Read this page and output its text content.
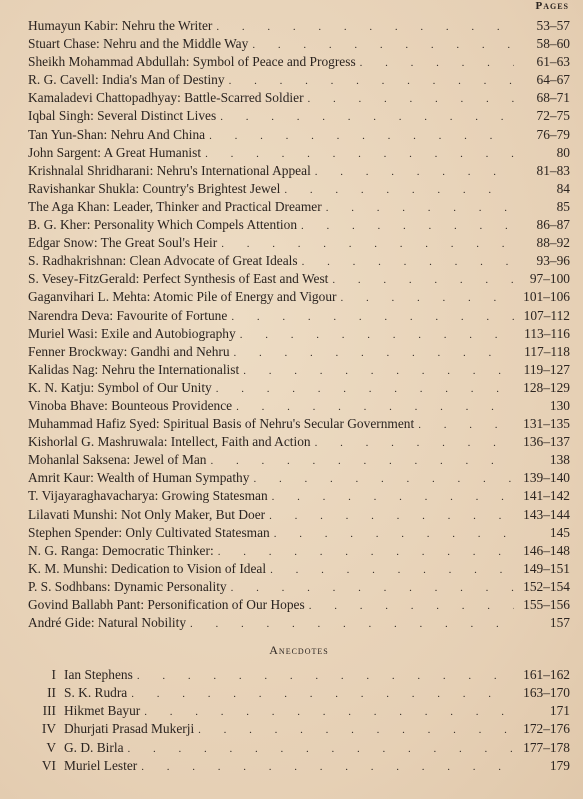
Pages
Humayun Kabir: Nehru the Writer . . .	53–57
Stuart Chase: Nehru and the Middle Way . . .	58–60
Sheikh Mohammad Abdullah: Symbol of Peace and Progress . . .	61–63
R. G. Cavell: India's Man of Destiny . . .	64–67
Kamaladevi Chattopadhyay: Battle-Scarred Soldier . . .	68–71
Iqbal Singh: Several Distinct Lives . . .	72–75
Tan Yun-Shan: Nehru And China . . .	76–79
John Sargent: A Great Humanist . . .	80
Krishnalal Shridharani: Nehru's International Appeal . . .	81–83
Ravishankar Shukla: Country's Brightest Jewel . . .	84
The Aga Khan: Leader, Thinker and Practical Dreamer . . .	85
B. G. Kher: Personality Which Compels Attention . . .	86–87
Edgar Snow: The Great Soul's Heir . . .	88–92
S. Radhakrishnan: Clean Advocate of Great Ideals . . .	93–96
S. Vesey-FitzGerald: Perfect Synthesis of East and West . . .	97–100
Gaganvihari L. Mehta: Atomic Pile of Energy and Vigour . . .	101–106
Narendra Deva: Favourite of Fortune . . .	107–112
Muriel Wasi: Exile and Autobiography . . .	113–116
Fenner Brockway: Gandhi and Nehru . . .	117–118
Kalidas Nag: Nehru the Internationalist . . .	119–127
K. N. Katju: Symbol of Our Unity . . .	128–129
Vinoba Bhave: Bounteous Providence . . .	130
Muhammad Hafiz Syed: Spiritual Basis of Nehru's Secular Government . . .	131–135
Kishorlal G. Mashruwala: Intellect, Faith and Action . . .	136–137
Mohanlal Saksena: Jewel of Man . . .	138
Amrit Kaur: Wealth of Human Sympathy . . .	139–140
T. Vijayaraghavacharya: Growing Statesman . . .	141–142
Lilavati Munshi: Not Only Maker, But Doer . . .	143–144
Stephen Spender: Only Cultivated Statesman . . .	145
N. G. Ranga: Democratic Thinker: . . .	146–148
K. M. Munshi: Dedication to Vision of Ideal . . .	149–151
P. S. Sodhbans: Dynamic Personality . . .	152–154
Govind Ballabh Pant: Personification of Our Hopes . . .	155–156
André Gide: Natural Nobility . . .	157
Anecdotes
I Ian Stephens . . .	161–162
II S. K. Rudra . . .	163–170
III Hikmet Bayur . . .	171
IV Dhurjati Prasad Mukerji . . .	172–176
V G. D. Birla . . .	177–178
VI Muriel Lester . . .	179
